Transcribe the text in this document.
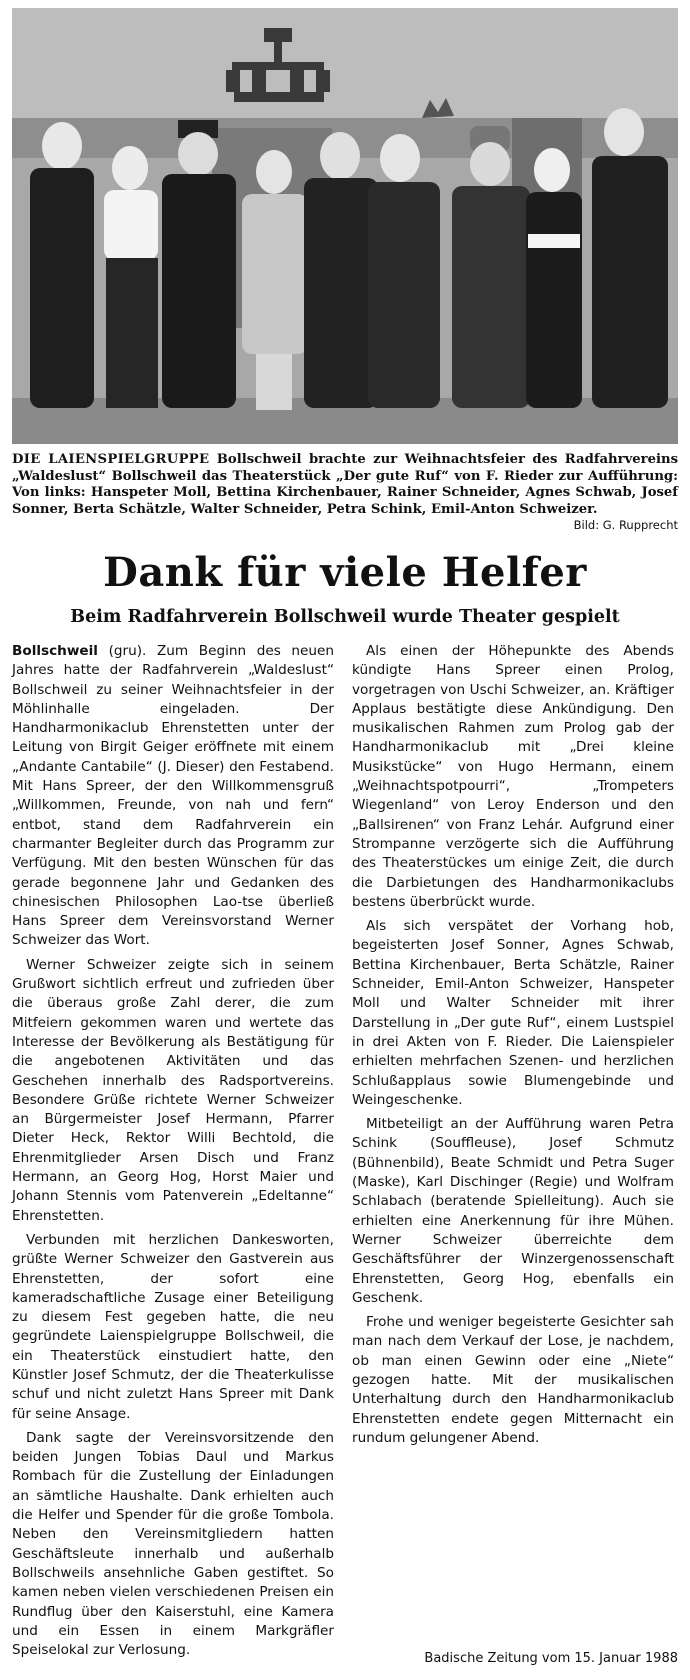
DIE LAIENSPIELGRUPPE Bollschweil brachte zur Weihnachtsfeier des Radfahrvereins „Waldeslust“ Bollschweil das Theaterstück „Der gute Ruf“ von F. Rieder zur Aufführung: Von links: Hanspeter Moll, Bettina Kirchenbauer, Rainer Schneider, Agnes Schwab, Josef Sonner, Berta Schätzle, Walter Schneider, Petra Schink, Emil-Anton Schweizer.
Bild: G. Rupprecht
Dank für viele Helfer
Beim Radfahrverein Bollschweil wurde Theater gespielt

Bollschweil (gru). Zum Beginn des neuen Jahres hatte der Radfahrverein „Waldeslust“ Bollschweil zu seiner Weihnachtsfeier in der Möhlinhalle eingeladen. Der Handharmonikaclub Ehrenstetten unter der Leitung von Birgit Geiger eröffnete mit einem „Andante Cantabile“ (J. Dieser) den Festabend. Mit Hans Spreer, der den Willkommensgruß „Willkommen, Freunde, von nah und fern“ entbot, stand dem Radfahrverein ein charmanter Begleiter durch das Programm zur Verfügung. Mit den besten Wünschen für das gerade begonnene Jahr und Gedanken des chinesischen Philosophen Lao-tse überließ Hans Spreer dem Vereinsvorstand Werner Schweizer das Wort.

Werner Schweizer zeigte sich in seinem Grußwort sichtlich erfreut und zufrieden über die überaus große Zahl derer, die zum Mitfeiern gekommen waren und wertete das Interesse der Bevölkerung als Bestätigung für die angebotenen Aktivitäten und das Geschehen innerhalb des Radsportvereins. Besondere Grüße richtete Werner Schweizer an Bürgermeister Josef Hermann, Pfarrer Dieter Heck, Rektor Willi Bechtold, die Ehrenmitglieder Arsen Disch und Franz Hermann, an Georg Hog, Horst Maier und Johann Stennis vom Patenverein „Edeltanne“ Ehrenstetten.

Verbunden mit herzlichen Dankesworten, grüßte Werner Schweizer den Gastverein aus Ehrenstetten, der sofort eine kameradschaftliche Zusage einer Beteiligung zu diesem Fest gegeben hatte, die neu gegründete Laienspielgruppe Bollschweil, die ein Theaterstück einstudiert hatte, den Künstler Josef Schmutz, der die Theaterkulisse schuf und nicht zuletzt Hans Spreer mit Dank für seine Ansage.

Dank sagte der Vereinsvorsitzende den beiden Jungen Tobias Daul und Markus Rombach für die Zustellung der Einladungen an sämtliche Haushalte. Dank erhielten auch die Helfer und Spender für die große Tombola. Neben den Vereinsmitgliedern hatten Geschäftsleute innerhalb und außerhalb Bollschweils ansehnliche Gaben gestiftet. So kamen neben vielen verschiedenen Preisen ein Rundflug über den Kaiserstuhl, eine Kamera und ein Essen in einem Markgräfler Speiselokal zur Verlosung.

Als einen der Höhepunkte des Abends kündigte Hans Spreer einen Prolog, vorgetragen von Uschi Schweizer, an. Kräftiger Applaus bestätigte diese Ankündigung. Den musikalischen Rahmen zum Prolog gab der Handharmonikaclub mit „Drei kleine Musikstücke“ von Hugo Hermann, einem „Weihnachtspotpourri“, „Trompeters Wiegenland“ von Leroy Enderson und den „Ballsirenen“ von Franz Lehár. Aufgrund einer Strompanne verzögerte sich die Aufführung des Theaterstückes um einige Zeit, die durch die Darbietungen des Handharmonikaclubs bestens überbrückt wurde.

Als sich verspätet der Vorhang hob, begeisterten Josef Sonner, Agnes Schwab, Bettina Kirchenbauer, Berta Schätzle, Rainer Schneider, Emil-Anton Schweizer, Hanspeter Moll und Walter Schneider mit ihrer Darstellung in „Der gute Ruf“, einem Lustspiel in drei Akten von F. Rieder. Die Laienspieler erhielten mehrfachen Szenen- und herzlichen Schlußapplaus sowie Blumengebinde und Weingeschenke.

Mitbeteiligt an der Aufführung waren Petra Schink (Souffleuse), Josef Schmutz (Bühnenbild), Beate Schmidt und Petra Suger (Maske), Karl Dischinger (Regie) und Wolfram Schlabach (beratende Spielleitung). Auch sie erhielten eine Anerkennung für ihre Mühen. Werner Schweizer überreichte dem Geschäftsführer der Winzergenossenschaft Ehrenstetten, Georg Hog, ebenfalls ein Geschenk.

Frohe und weniger begeisterte Gesichter sah man nach dem Verkauf der Lose, je nachdem, ob man einen Gewinn oder eine „Niete“ gezogen hatte. Mit der musikalischen Unterhaltung durch den Handharmonikaclub Ehrenstetten endete gegen Mitternacht ein rundum gelungener Abend.

Badische Zeitung vom 15. Januar 1988
